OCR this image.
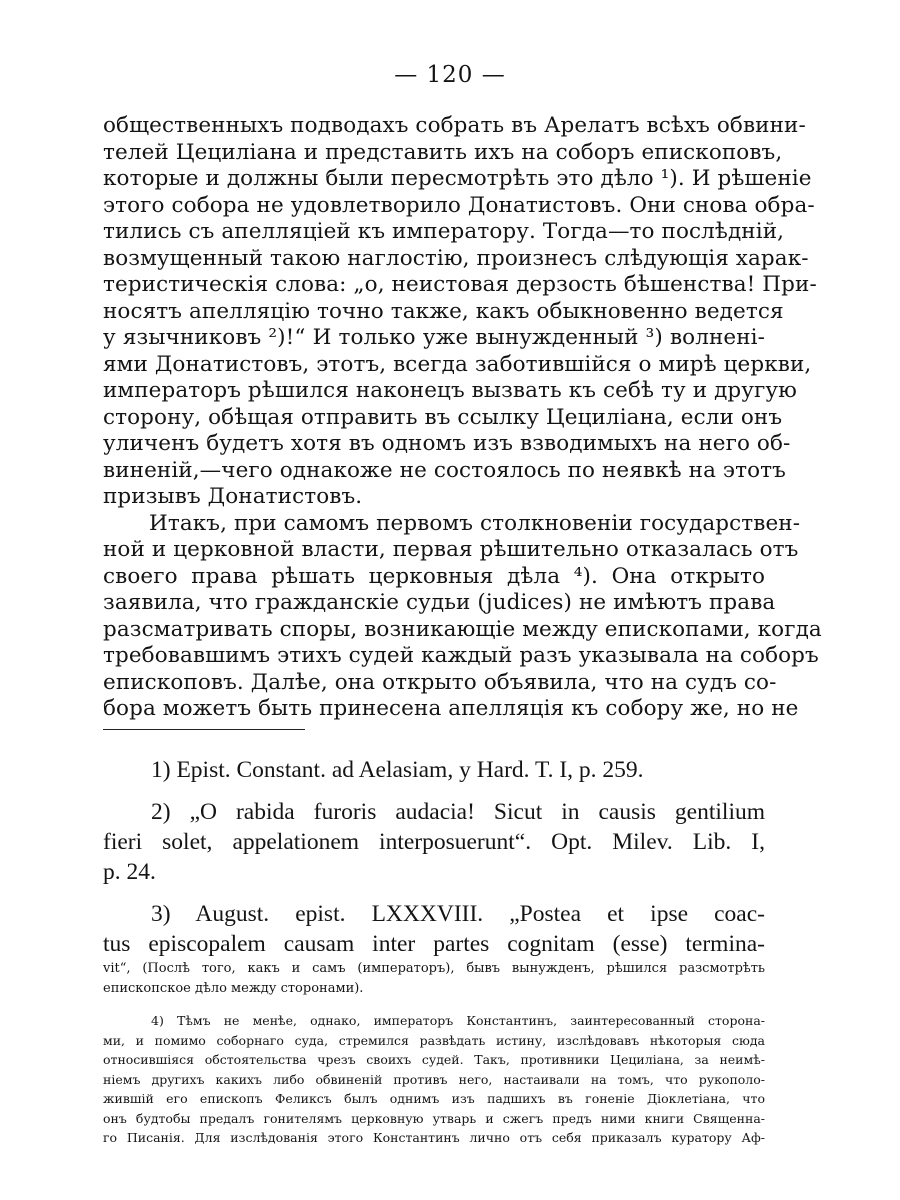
— 120 —
общественныхъ подводахъ собрать въ Арелатъ всѣхъ обвини-
телей Цециліана и представить ихъ на соборъ епископовъ,
которые и должны были пересмотрѣть это дѣло ¹). И рѣшеніе
этого собора не удовлетворило Донатистовъ. Они снова обра-
тились съ апелляціей къ императору. Тогда—то послѣдній,
возмущенный такою наглостію, произнесъ слѣдующія харак-
теристическія слова: „о, неистовая дерзость бѣшенства! При-
носятъ апелляцію точно также, какъ обыкновенно ведется
у язычниковъ ²)!“ И только уже вынужденный ³) волненi-
ями Донатистовъ, этотъ, всегда заботившійся о мирѣ церкви,
императоръ рѣшился наконецъ вызвать къ себѣ ту и другую
сторону, обѣщая отправить въ ссылку Цециліана, если онъ
уличенъ будетъ хотя въ одномъ изъ взводимыхъ на него об-
виненій,—чего однакоже не состоялось по неявкѣ на этотъ
призывъ Донатистовъ.
Итакъ, при самомъ первомъ столкновеніи государствен-
ной и церковной власти, первая рѣшительно отказалась отъ
своего права рѣшать церковныя дѣла ⁴). Она открыто
заявила, что гражданскіе судьи (judices) не имѣютъ права
разсматривать споры, возникающіе между епископами, когда
требовавшимъ этихъ судей каждый разъ указывала на соборъ
епископовъ. Далѣе, она открыто объявила, что на судъ со-
бора можетъ быть принесена апелляція къ собору же, но не
1) Epist. Constant. ad Aelasiam, y Hard. T. I, p. 259.
2) „O rabida furoris audacia! Sicut in causis gentilium
fieri solet, appelationem interposuerunt“. Opt. Milev. Lib. I,
p. 24.
3) August. epist. LXXXVIII. „Postea et ipse coac-
tus episcopalem causam inter partes cognitam (esse) termina-
vit“, (Послѣ того, какъ и самъ (императоръ), бывъ вынужденъ, рѣшился разсмотрѣть
епископское дѣло между сторонами).
4) Тѣмъ не менѣе, однако, императоръ Константинъ, заинтересованный сторона-
ми, и помимо соборнаго суда, стремился развѣдать истину, изслѣдовавъ нѣкоторыя сюда
относившіяся обстоятельства чрезъ своихъ судей. Такъ, противники Цециліана, за неимѣ-
ніемъ другихъ какихъ либо обвиненій противъ него, настаивали на томъ, что рукополо-
жившій его епископъ Феликсъ былъ однимъ изъ падшихъ въ гоненіе Діоклетіана, что
онъ будтобы предалъ гонителямъ церковную утварь и сжегъ предъ ними книги Священна-
го Писанія. Для изслѣдованія этого Константинъ лично отъ себя приказалъ куратору Аф-
